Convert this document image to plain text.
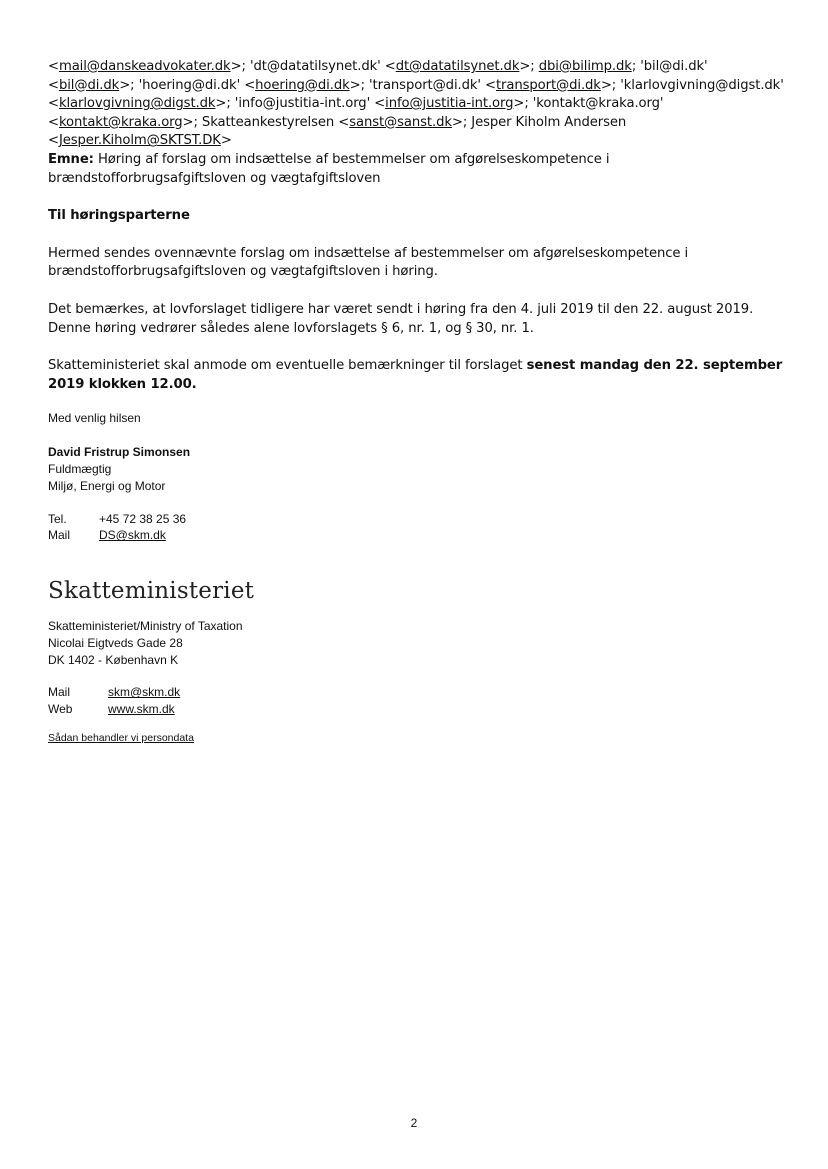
<mail@danskeadvokater.dk>; 'dt@datatilsynet.dk' <dt@datatilsynet.dk>; dbi@bilimp.dk; 'bil@di.dk' <bil@di.dk>; 'hoering@di.dk' <hoering@di.dk>; 'transport@di.dk' <transport@di.dk>; 'klarlovgivning@digst.dk' <klarlovgivning@digst.dk>; 'info@justitia-int.org' <info@justitia-int.org>; 'kontakt@kraka.org' <kontakt@kraka.org>; Skatteankestyrelsen <sanst@sanst.dk>; Jesper Kiholm Andersen <Jesper.Kiholm@SKTST.DK>
Emne: Høring af forslag om indsættelse af bestemmelser om afgørelseskompetence i brændstofforbrugsafgiftsloven og vægtafgiftsloven
Til høringsparterne
Hermed sendes ovennævnte forslag om indsættelse af bestemmelser om afgørelseskompetence i brændstofforbrugsafgiftsloven og vægtafgiftsloven i høring.
Det bemærkes, at lovforslaget tidligere har været sendt i høring fra den 4. juli 2019 til den 22. august 2019. Denne høring vedrører således alene lovforslagets § 6, nr. 1, og § 30, nr. 1.
Skatteministeriet skal anmode om eventuelle bemærkninger til forslaget senest mandag den 22. september 2019 klokken 12.00.
Med venlig hilsen
David Fristrup Simonsen
Fuldmægtig
Miljø, Energi og Motor
Tel.	+45 72 38 25 36
Mail	DS@skm.dk
Skatteministeriet
Skatteministeriet/Ministry of Taxation
Nicolai Eigtveds Gade 28
DK 1402 - København K
Mail	skm@skm.dk
Web	www.skm.dk
Sådan behandler vi persondata
2
